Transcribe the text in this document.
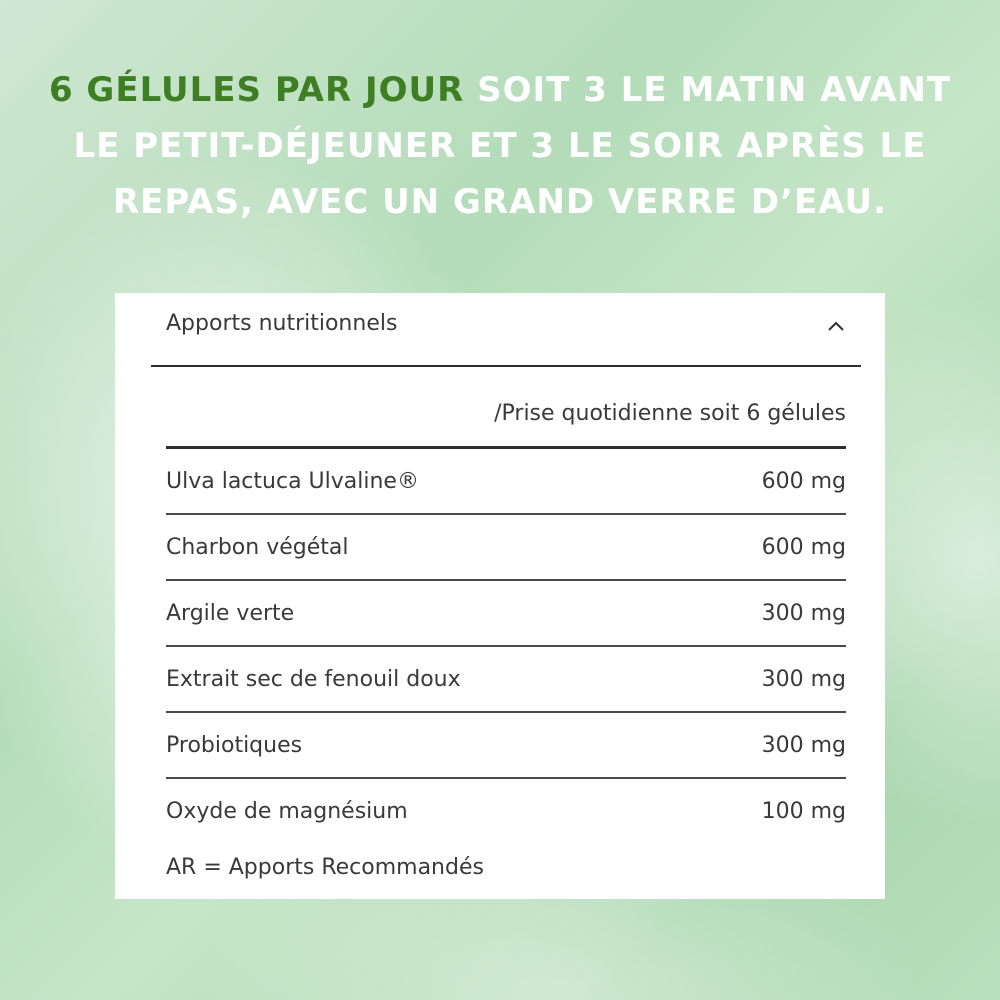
6 GÉLULES PAR JOUR SOIT 3 LE MATIN AVANT LE PETIT-DÉJEUNER ET 3 LE SOIR APRÈS LE REPAS, AVEC UN GRAND VERRE D’EAU.
Apports nutritionnels
/Prise quotidienne soit 6 gélules
Ulva lactuca Ulvaline®	600 mg
Charbon végétal	600 mg
Argile verte	300 mg
Extrait sec de fenouil doux	300 mg
Probiotiques	300 mg
Oxyde de magnésium	100 mg
AR = Apports Recommandés
